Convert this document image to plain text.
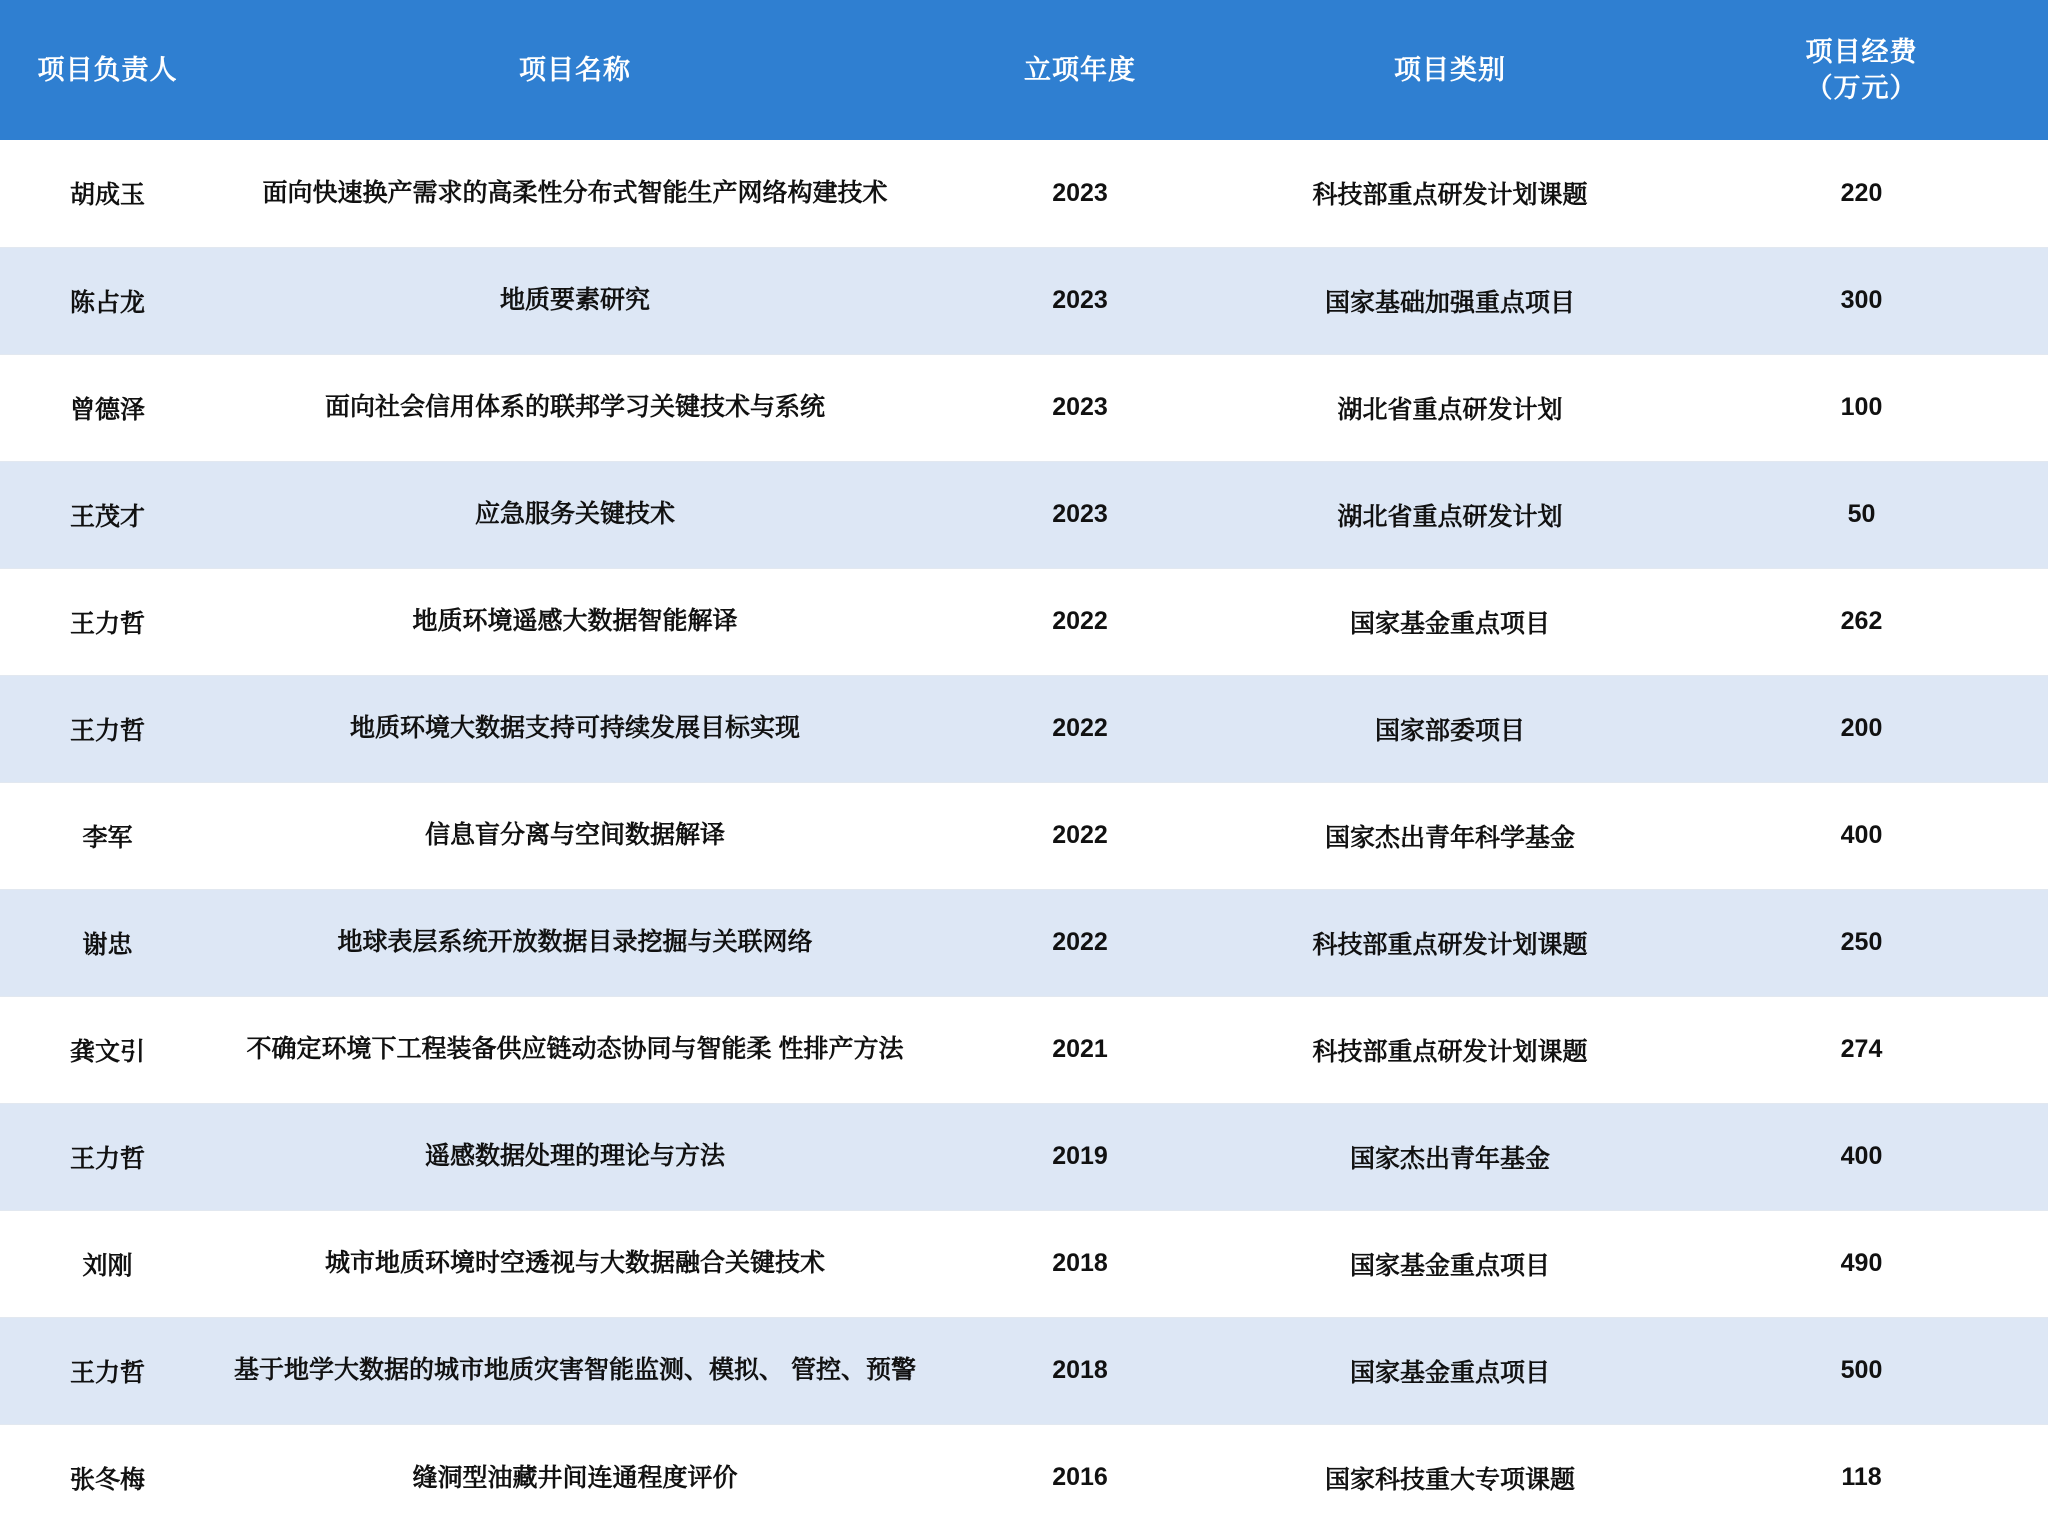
项目负责人	项目名称	立项年度	项目类别	项目经费
（万元）

胡成玉	面向快速换产需求的高柔性分布式智能生产网络构建技术	2023	科技部重点研发计划课题	220
陈占龙	地质要素研究	2023	国家基础加强重点项目	300
曾德泽	面向社会信用体系的联邦学习关键技术与系统	2023	湖北省重点研发计划	100
王茂才	应急服务关键技术	2023	湖北省重点研发计划	50
王力哲	地质环境遥感大数据智能解译	2022	国家基金重点项目	262
王力哲	地质环境大数据支持可持续发展目标实现	2022	国家部委项目	200
李军	信息盲分离与空间数据解译	2022	国家杰出青年科学基金	400
谢忠	地球表层系统开放数据目录挖掘与关联网络	2022	科技部重点研发计划课题	250
龚文引	不确定环境下工程装备供应链动态协同与智能柔 性排产方法	2021	科技部重点研发计划课题	274
王力哲	遥感数据处理的理论与方法	2019	国家杰出青年基金	400
刘刚	城市地质环境时空透视与大数据融合关键技术	2018	国家基金重点项目	490
王力哲	基于地学大数据的城市地质灾害智能监测、模拟、 管控、预警	2018	国家基金重点项目	500
张冬梅	缝洞型油藏井间连通程度评价	2016	国家科技重大专项课题	118
